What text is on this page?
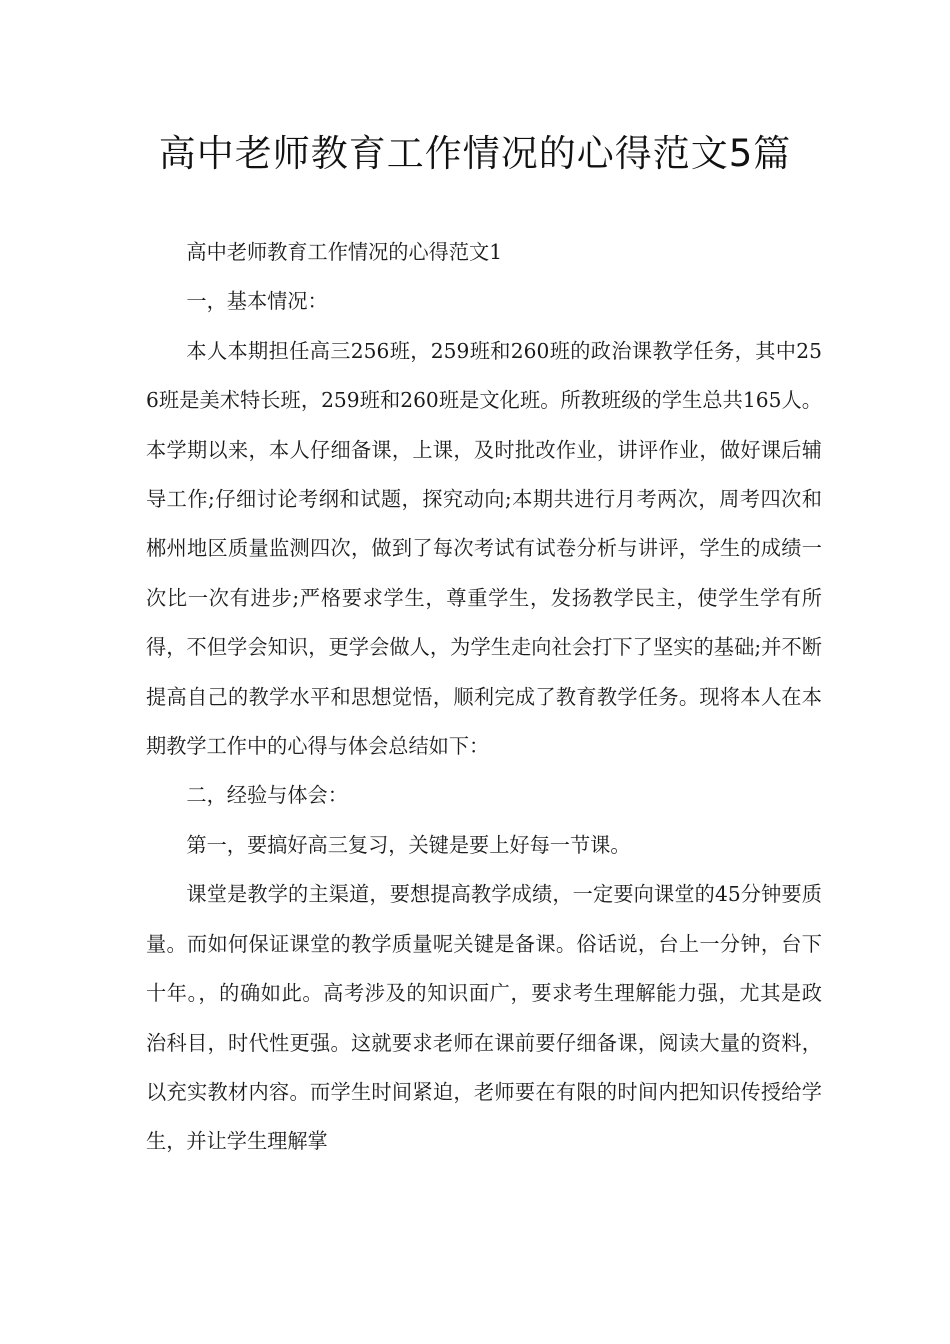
高中老师教育工作情况的心得范文5篇

高中老师教育工作情况的心得范文1

一，基本情况：

本人本期担任高三256班，259班和260班的政治课教学任务，其中256班是美术特长班，259班和260班是文化班。所教班级的学生总共165人。本学期以来，本人仔细备课，上课，及时批改作业，讲评作业，做好课后辅导工作;仔细讨论考纲和试题，探究动向;本期共进行月考两次，周考四次和郴州地区质量监测四次，做到了每次考试有试卷分析与讲评，学生的成绩一次比一次有进步;严格要求学生，尊重学生，发扬教学民主，使学生学有所得，不但学会知识，更学会做人，为学生走向社会打下了坚实的基础;并不断提高自己的教学水平和思想觉悟，顺利完成了教育教学任务。现将本人在本期教学工作中的心得与体会总结如下：

二，经验与体会：

第一，要搞好高三复习，关键是要上好每一节课。

课堂是教学的主渠道，要想提高教学成绩，一定要向课堂的45分钟要质量。而如何保证课堂的教学质量呢关键是备课。俗话说，台上一分钟，台下十年。，的确如此。高考涉及的知识面广，要求考生理解能力强，尤其是政治科目，时代性更强。这就要求老师在课前要仔细备课，阅读大量的资料，以充实教材内容。而学生时间紧迫，老师要在有限的时间内把知识传授给学生，并让学生理解掌
